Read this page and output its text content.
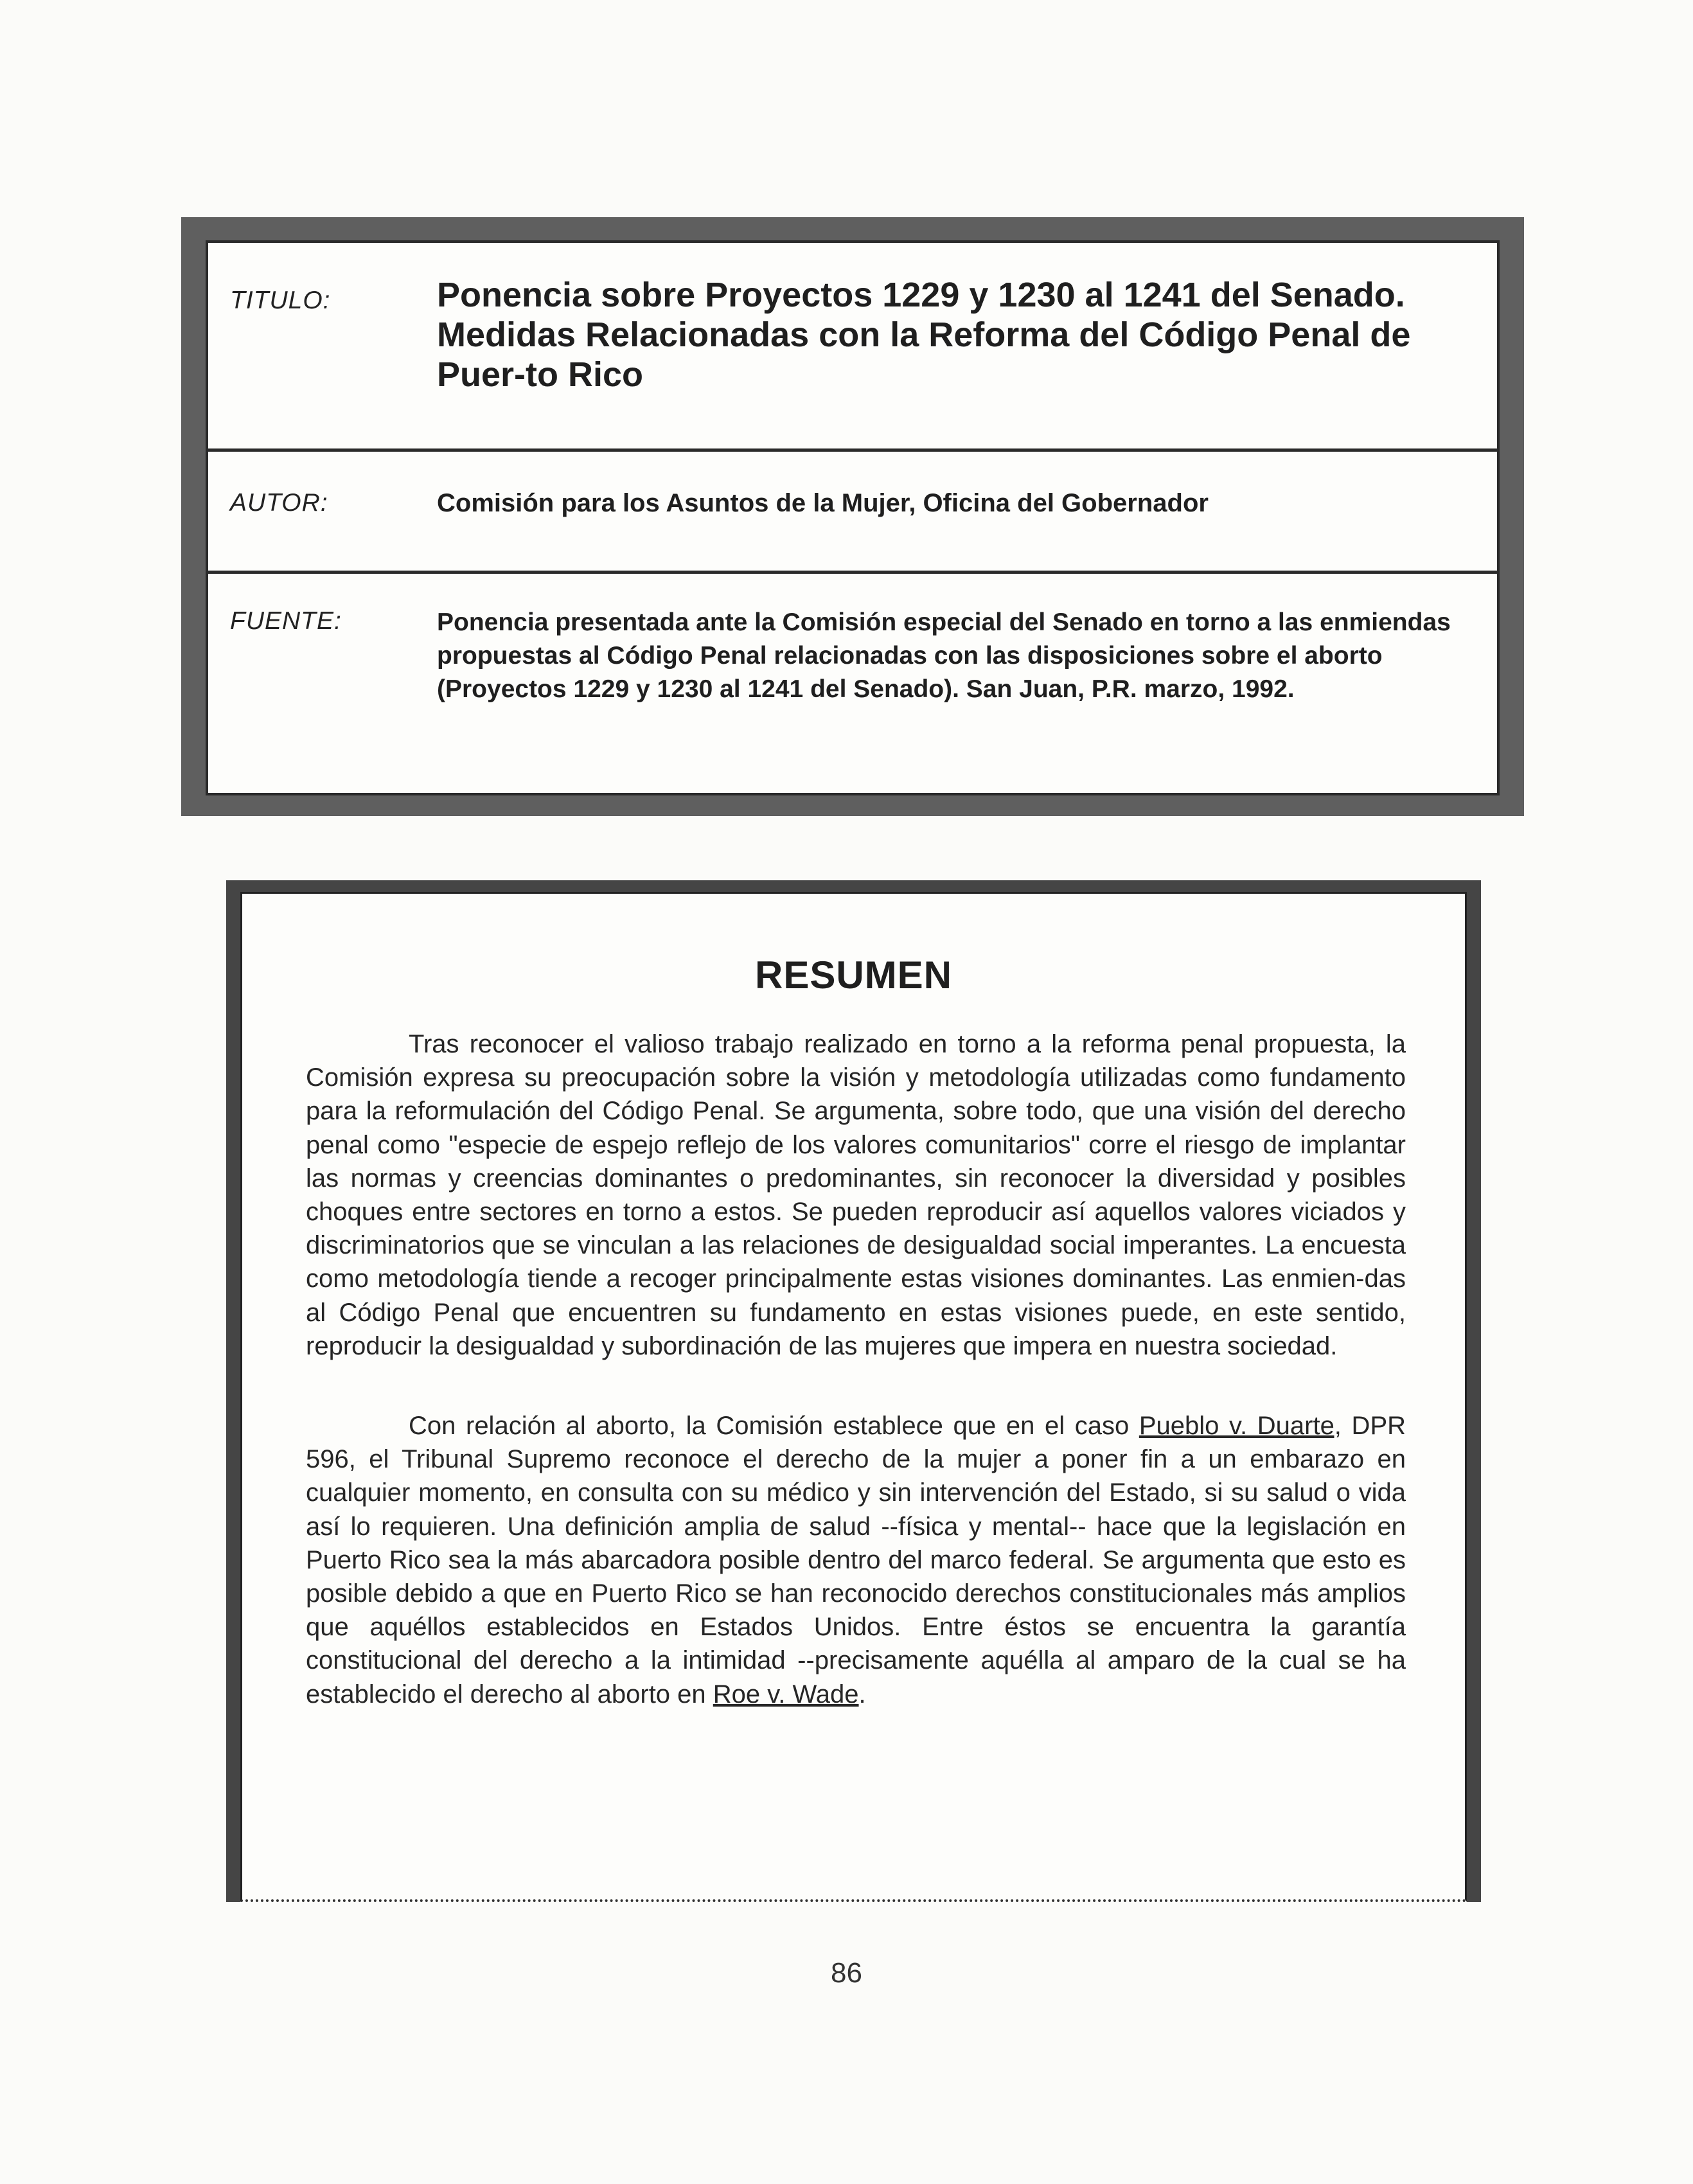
TITULO:	Ponencia sobre Proyectos 1229 y 1230 al 1241 del Senado. Medidas Relacionadas con la Reforma del Código Penal de Puer-to Rico
AUTOR:	Comisión para los Asuntos de la Mujer, Oficina del Gobernador
FUENTE:	Ponencia presentada ante la Comisión especial del Senado en torno a las enmiendas propuestas al Código Penal relacionadas con las disposiciones sobre el aborto (Proyectos 1229 y 1230 al 1241 del Senado). San Juan, P.R. marzo, 1992.
RESUMEN

Tras reconocer el valioso trabajo realizado en torno a la reforma penal propuesta, la Comisión expresa su preocupación sobre la visión y metodología utilizadas como fundamento para la reformulación del Código Penal. Se argumenta, sobre todo, que una visión del derecho penal como "especie de espejo reflejo de los valores comunitarios" corre el riesgo de implantar las normas y creencias dominantes o predominantes, sin reconocer la diversidad y posibles choques entre sectores en torno a estos. Se pueden reproducir así aquellos valores viciados y discriminatorios que se vinculan a las relaciones de desigualdad social imperantes. La encuesta como metodología tiende a recoger principalmente estas visiones dominantes. Las enmien-das al Código Penal que encuentren su fundamento en estas visiones puede, en este sentido, reproducir la desigualdad y subordinación de las mujeres que impera en nuestra sociedad.

Con relación al aborto, la Comisión establece que en el caso Pueblo v. Duarte, DPR 596, el Tribunal Supremo reconoce el derecho de la mujer a poner fin a un embarazo en cualquier momento, en consulta con su médico y sin intervención del Estado, si su salud o vida así lo requieren. Una definición amplia de salud --física y mental-- hace que la legislación en Puerto Rico sea la más abarcadora posible dentro del marco federal. Se argumenta que esto es posible debido a que en Puerto Rico se han reconocido derechos constitucionales más amplios que aquéllos establecidos en Estados Unidos. Entre éstos se encuentra la garantía constitucional del derecho a la intimidad --precisamente aquélla al amparo de la cual se ha establecido el derecho al aborto en Roe v. Wade.

86
